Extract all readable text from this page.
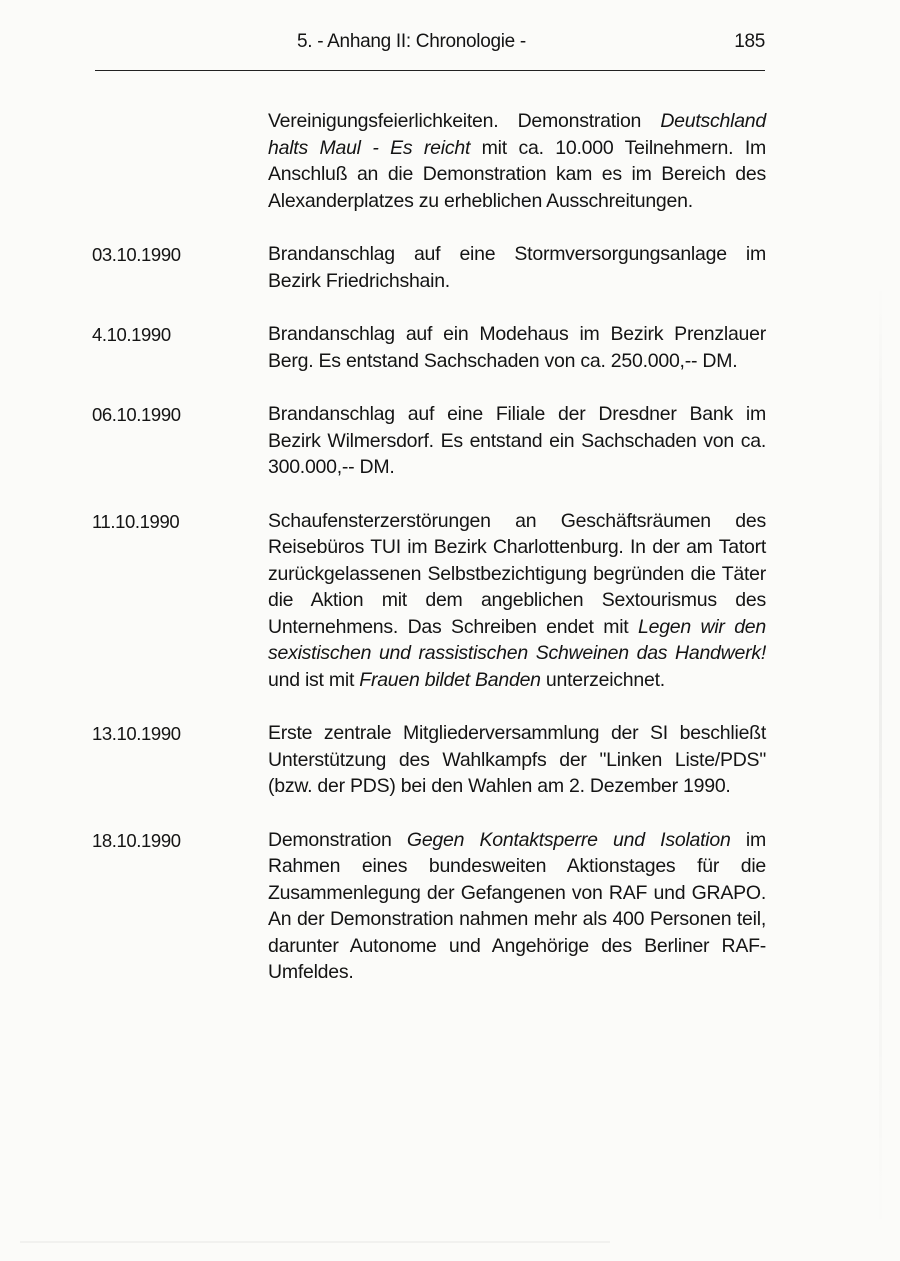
5. - Anhang II: Chronologie -	185
Vereinigungsfeierlichkeiten. Demonstration Deutschland halts Maul - Es reicht mit ca. 10.000 Teilnehmern. Im Anschluß an die Demonstration kam es im Bereich des Alexanderplatzes zu erheblichen Ausschreitungen.
03.10.1990	Brandanschlag auf eine Stormversorgungsanlage im Bezirk Friedrichshain.
4.10.1990	Brandanschlag auf ein Modehaus im Bezirk Prenzlauer Berg. Es entstand Sachschaden von ca. 250.000,-- DM.
06.10.1990	Brandanschlag auf eine Filiale der Dresdner Bank im Bezirk Wilmersdorf. Es entstand ein Sachschaden von ca. 300.000,-- DM.
11.10.1990	Schaufensterzerstörungen an Geschäftsräumen des Reisebüros TUI im Bezirk Charlottenburg. In der am Tatort zurückgelassenen Selbstbezichtigung begründen die Täter die Aktion mit dem angeblichen Sextourismus des Unternehmens. Das Schreiben endet mit Legen wir den sexistischen und rassistischen Schweinen das Handwerk! und ist mit Frauen bildet Banden unterzeichnet.
13.10.1990	Erste zentrale Mitgliederversammlung der SI beschließt Unterstützung des Wahlkampfs der "Linken Liste/PDS" (bzw. der PDS) bei den Wahlen am 2. Dezember 1990.
18.10.1990	Demonstration Gegen Kontaktsperre und Isolation im Rahmen eines bundesweiten Aktionstages für die Zusammenlegung der Gefangenen von RAF und GRAPO. An der Demonstration nahmen mehr als 400 Personen teil, darunter Autonome und Angehörige des Berliner RAF-Umfeldes.
